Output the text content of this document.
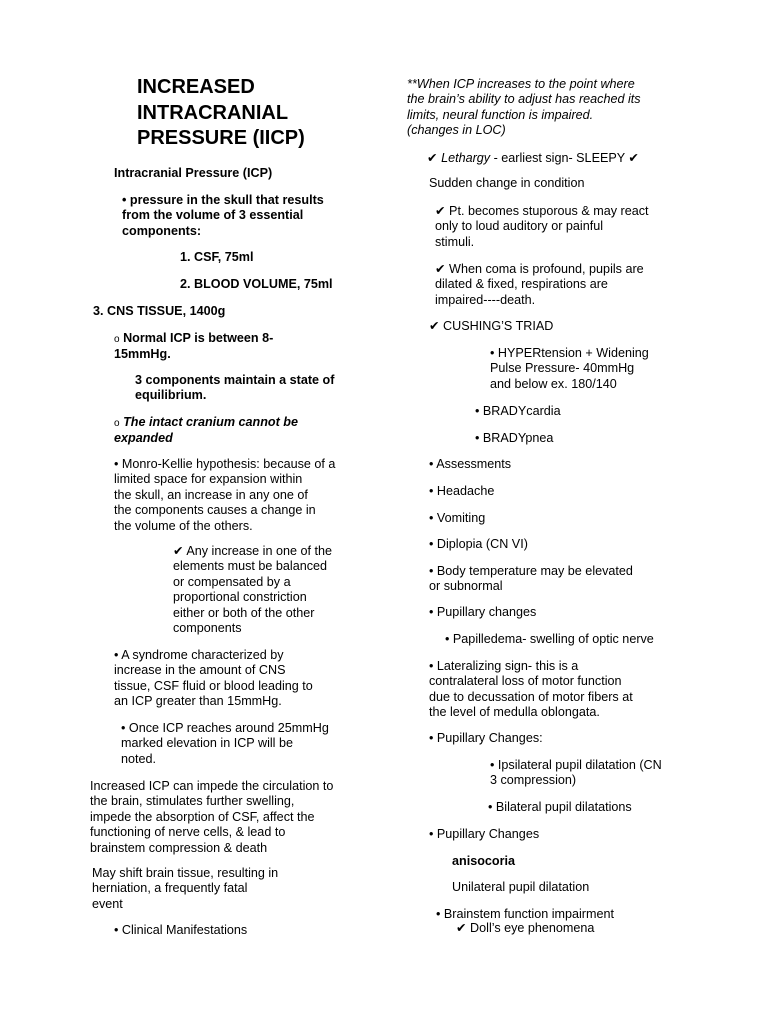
INCREASED
INTRACRANIAL
PRESSURE (IICP)

Intracranial Pressure (ICP)

• pressure in the skull that results
from the volume of 3 essential
components:

1. CSF, 75ml

2. BLOOD VOLUME, 75ml

3. CNS TISSUE, 1400g

o Normal ICP is between 8-
15mmHg.

3 components maintain a state of
equilibrium.

o The intact cranium cannot be
expanded

• Monro-Kellie hypothesis: because of a
limited space for expansion within
the skull, an increase in any one of
the components causes a change in
the volume of the others.

✔ Any increase in one of the
elements must be balanced
or compensated by a
proportional constriction
either or both of the other
components

• A syndrome characterized by
increase in the amount of CNS
tissue, CSF fluid or blood leading to
an ICP greater than 15mmHg.

• Once ICP reaches around 25mmHg
marked elevation in ICP will be
noted.

Increased ICP can impede the circulation to
the brain, stimulates further swelling,
impede the absorption of CSF, affect the
functioning of nerve cells, & lead to
brainstem compression & death

May shift brain tissue, resulting in
herniation, a frequently fatal
event

• Clinical Manifestations

**When ICP increases to the point where
the brain’s ability to adjust has reached its
limits, neural function is impaired.
(changes in LOC)

✔ Lethargy - earliest sign- SLEEPY ✔

Sudden change in condition

✔ Pt. becomes stuporous & may react
only to loud auditory or painful
stimuli.

✔ When coma is profound, pupils are
dilated & fixed, respirations are
impaired----death.

✔ CUSHING’S TRIAD

• HYPERtension + Widening
Pulse Pressure- 40mmHg
and below ex. 180/140

• BRADYcardia

• BRADYpnea

• Assessments

• Headache

• Vomiting

• Diplopia (CN VI)

• Body temperature may be elevated
or subnormal

• Pupillary changes

• Papilledema- swelling of optic nerve

• Lateralizing sign- this is a
contralateral loss of motor function
due to decussation of motor fibers at
the level of medulla oblongata.

• Pupillary Changes:

• Ipsilateral pupil dilatation (CN
3 compression)

• Bilateral pupil dilatations

• Pupillary Changes

anisocoria

Unilateral pupil dilatation

• Brainstem function impairment

✔ Doll’s eye phenomena
